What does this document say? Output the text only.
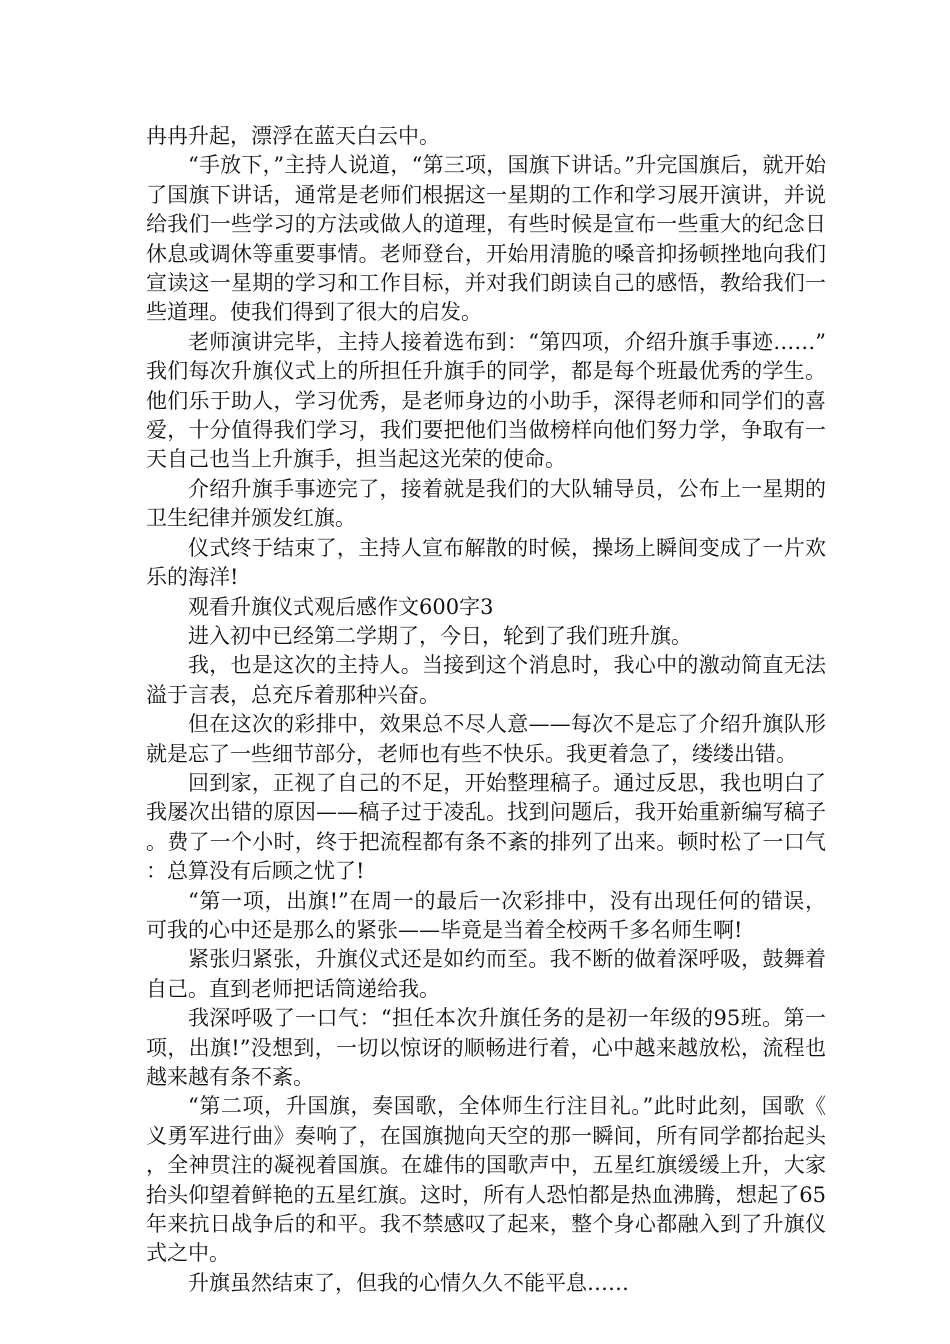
冉冉升起，漂浮在蓝天白云中。

“手放下，”主持人说道，“第三项，国旗下讲话。”升完国旗后，就开始了国旗下讲话，通常是老师们根据这一星期的工作和学习展开演讲，并说给我们一些学习的方法或做人的道理，有些时候是宣布一些重大的纪念日休息或调休等重要事情。老师登台，开始用清脆的嗓音抑扬顿挫地向我们宣读这一星期的学习和工作目标，并对我们朗读自己的感悟，教给我们一些道理。使我们得到了很大的启发。

老师演讲完毕，主持人接着选布到：“第四项，介绍升旗手事迹……”我们每次升旗仪式上的所担任升旗手的同学，都是每个班最优秀的学生。他们乐于助人，学习优秀，是老师身边的小助手，深得老师和同学们的喜爱，十分值得我们学习，我们要把他们当做榜样向他们努力学，争取有一天自己也当上升旗手，担当起这光荣的使命。

介绍升旗手事迹完了，接着就是我们的大队辅导员，公布上一星期的卫生纪律并颁发红旗。

仪式终于结束了，主持人宣布解散的时候，操场上瞬间变成了一片欢乐的海洋!

观看升旗仪式观后感作文600字3

进入初中已经第二学期了，今日，轮到了我们班升旗。

我，也是这次的主持人。当接到这个消息时，我心中的激动简直无法溢于言表，总充斥着那种兴奋。

但在这次的彩排中，效果总不尽人意——每次不是忘了介绍升旗队形就是忘了一些细节部分，老师也有些不快乐。我更着急了，缕缕出错。

回到家，正视了自己的不足，开始整理稿子。通过反思，我也明白了我屡次出错的原因——稿子过于凌乱。找到问题后，我开始重新编写稿子。费了一个小时，终于把流程都有条不紊的排列了出来。顿时松了一口气：总算没有后顾之忧了!

“第一项，出旗!”在周一的最后一次彩排中，没有出现任何的错误，可我的心中还是那么的紧张——毕竟是当着全校两千多名师生啊!

紧张归紧张，升旗仪式还是如约而至。我不断的做着深呼吸，鼓舞着自己。直到老师把话筒递给我。

我深呼吸了一口气：“担任本次升旗任务的是初一年级的95班。第一项，出旗!”没想到，一切以惊讶的顺畅进行着，心中越来越放松，流程也越来越有条不紊。

“第二项，升国旗，奏国歌，全体师生行注目礼。”此时此刻，国歌《义勇军进行曲》奏响了，在国旗抛向天空的那一瞬间，所有同学都抬起头，全神贯注的凝视着国旗。在雄伟的国歌声中，五星红旗缓缓上升，大家抬头仰望着鲜艳的五星红旗。这时，所有人恐怕都是热血沸腾，想起了65年来抗日战争后的和平。我不禁感叹了起来，整个身心都融入到了升旗仪式之中。

升旗虽然结束了，但我的心情久久不能平息……
